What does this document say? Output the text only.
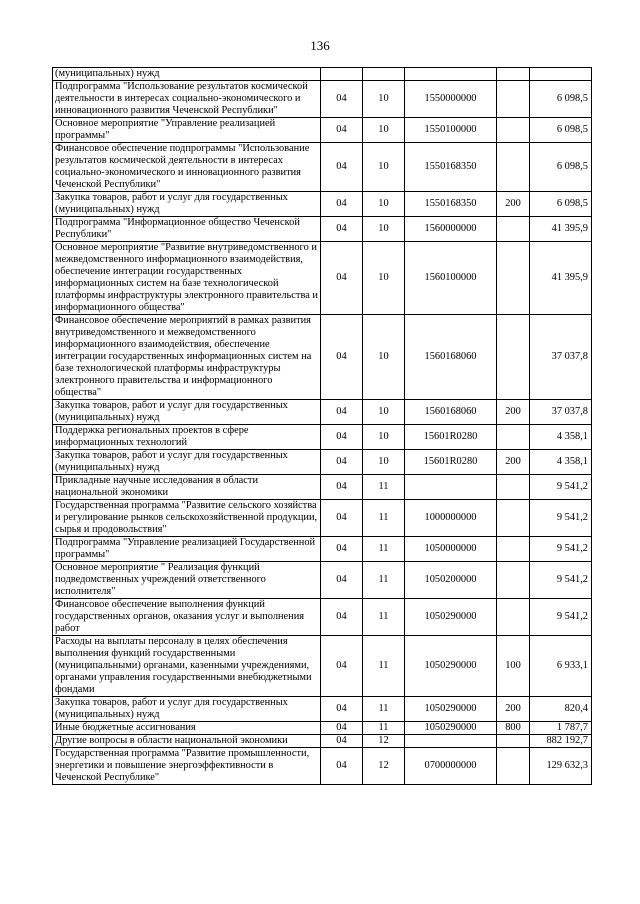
136
(муниципальных) нужд					
Подпрограмма "Использование результатов космической деятельности в интересах социально-экономического и инновационного развития Чеченской Республики"	04	10	1550000000		6 098,5
Основное мероприятие "Управление реализацией программы"	04	10	1550100000		6 098,5
Финансовое обеспечение подпрограммы "Использование результатов космической деятельности в интересах социально-экономического и инновационного развития Чеченской Республики"	04	10	1550168350		6 098,5
Закупка товаров, работ и услуг для государственных (муниципальных) нужд	04	10	1550168350	200	6 098,5
Подпрограмма "Информационное общество Чеченской Республики"	04	10	1560000000		41 395,9
Основное мероприятие "Развитие внутриведомственного и межведомственного информационного взаимодействия, обеспечение интеграции государственных информационных систем на базе технологической платформы инфраструктуры электронного правительства и информационного общества"	04	10	1560100000		41 395,9
Финансовое обеспечение мероприятий в рамках развития внутриведомственного и межведомственного информационного взаимодействия, обеспечение интеграции государственных информационных систем на базе технологической платформы инфраструктуры электронного правительства и информационного общества"	04	10	1560168060		37 037,8
Закупка товаров, работ и услуг для государственных (муниципальных) нужд	04	10	1560168060	200	37 037,8
Поддержка региональных проектов в сфере информационных технологий	04	10	15601R0280		4 358,1
Закупка товаров, работ и услуг для государственных (муниципальных) нужд	04	10	15601R0280	200	4 358,1
Прикладные научные исследования в области национальной экономики	04	11			9 541,2
Государственная программа "Развитие сельского хозяйства и регулирование рынков сельскохозяйственной продукции, сырья и продовольствия"	04	11	1000000000		9 541,2
Подпрограмма "Управление реализацией Государственной программы"	04	11	1050000000		9 541,2
Основное мероприятие " Реализация функций подведомственных учреждений ответственного исполнителя"	04	11	1050200000		9 541,2
Финансовое обеспечение выполнения функций государственных органов, оказания услуг и выполнения работ	04	11	1050290000		9 541,2
Расходы на выплаты персоналу в целях обеспечения выполнения функций государственными (муниципальными) органами, казенными учреждениями, органами управления государственными внебюджетными фондами	04	11	1050290000	100	6 933,1
Закупка товаров, работ и услуг для государственных (муниципальных) нужд	04	11	1050290000	200	820,4
Иные бюджетные ассигнования	04	11	1050290000	800	1 787,7
Другие вопросы в области национальной экономики	04	12			882 192,7
Государственная программа "Развитие промышленности, энергетики и повышение энергоэффективности в Чеченской Республике"	04	12	0700000000		129 632,3
